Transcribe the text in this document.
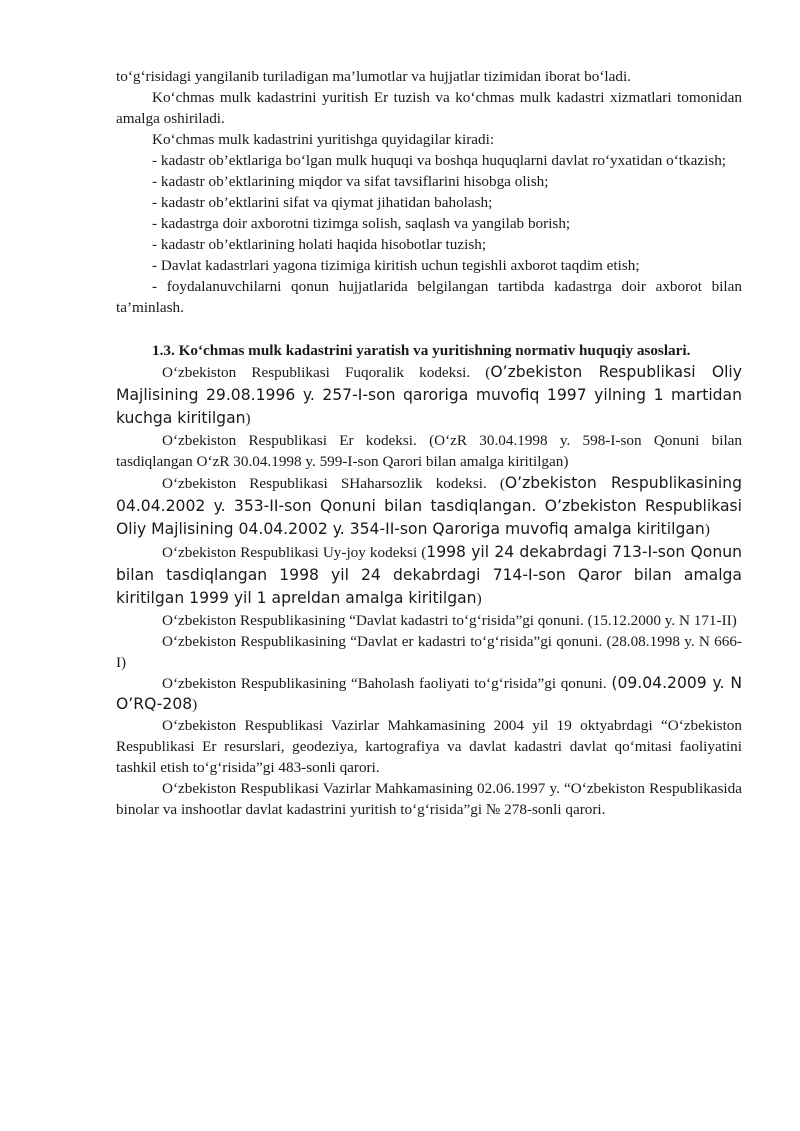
to‘g‘risidagi yangilanib turiladigan ma’lumotlar va hujjatlar tizimidan iborat bo‘ladi.

Ko‘chmas mulk kadastrini yuritish Er tuzish va ko‘chmas mulk kadastri xizmatlari tomonidan amalga oshiriladi.

Ko‘chmas mulk kadastrini yuritishga quyidagilar kiradi:

- kadastr ob’ektlariga bo‘lgan mulk huquqi va boshqa huquqlarni davlat ro‘yxatidan o‘tkazish;

- kadastr ob’ektlarining miqdor va sifat tavsiflarini hisobga olish;

- kadastr ob’ektlarini sifat va qiymat jihatidan baholash;

- kadastrga doir axborotni tizimga solish, saqlash va yangilab borish;

- kadastr ob’ektlarining holati haqida hisobotlar tuzish;

- Davlat kadastrlari yagona tizimiga kiritish uchun tegishli axborot taqdim etish;

- foydalanuvchilarni qonun hujjatlarida belgilangan tartibda kadastrga doir axborot bilan ta’minlash.

1.3. Ko‘chmas mulk kadastrini yaratish va yuritishning normativ huquqiy asoslari.

O‘zbekiston Respublikasi Fuqoralik kodeksi. (O’zbekiston Respublikasi Oliy Majlisining 29.08.1996 y. 257-I-son qaroriga muvofiq 1997 yilning 1 martidan kuchga kiritilgan)

O‘zbekiston Respublikasi Er kodeksi. (O‘zR 30.04.1998 y. 598-I-son Qonuni bilan tasdiqlangan O‘zR 30.04.1998 y. 599-I-son Qarori bilan amalga kiritilgan)

O‘zbekiston Respublikasi SHaharsozlik kodeksi. (O’zbekiston Respublikasining 04.04.2002 y. 353-II-son Qonuni bilan tasdiqlangan. O’zbekiston Respublikasi Oliy Majlisining 04.04.2002 y. 354-II-son Qaroriga muvofiq amalga kiritilgan)

O‘zbekiston Respublikasi Uy-joy kodeksi (1998 yil 24 dekabrdagi 713-I-son Qonun bilan tasdiqlangan 1998 yil 24 dekabrdagi 714-I-son Qaror bilan amalga kiritilgan 1999 yil 1 apreldan amalga kiritilgan)

O‘zbekiston Respublikasining “Davlat kadastri to‘g‘risida”gi qonuni. (15.12.2000 y. N 171-II)

O‘zbekiston Respublikasining “Davlat er kadastri to‘g‘risida”gi qonuni. (28.08.1998 y. N 666-I)

O‘zbekiston Respublikasining “Baholash faoliyati to‘g‘risida”gi qonuni. (09.04.2009 y. N O’RQ-208)

O‘zbekiston Respublikasi Vazirlar Mahkamasining 2004 yil 19 oktyabrdagi “O‘zbekiston Respublikasi Er resurslari, geodeziya, kartografiya va davlat kadastri davlat qo‘mitasi faoliyatini tashkil etish to‘g‘risida”gi 483-sonli qarori.

O‘zbekiston Respublikasi Vazirlar Mahkamasining 02.06.1997 y. “O‘zbekiston Respublikasida binolar va inshootlar davlat kadastrini yuritish to‘g‘risida”gi № 278-sonli qarori.
